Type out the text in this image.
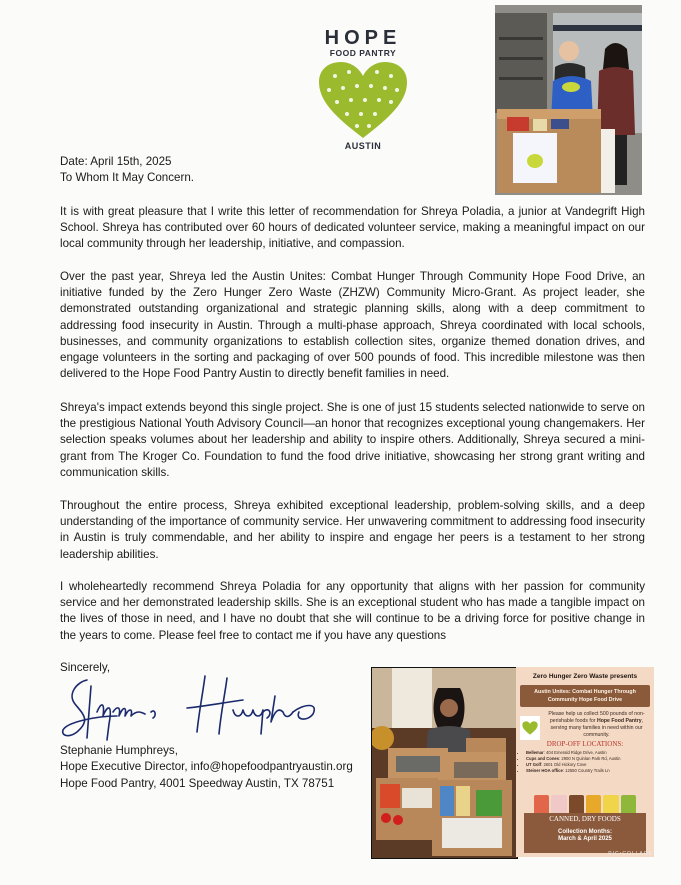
HOPE
FOOD PANTRY
AUSTIN
Date: April 15th, 2025
To Whom It May Concern.
It is with great pleasure that I write this letter of recommendation for Shreya Poladia, a junior at Vandegrift High School. Shreya has contributed over 60 hours of dedicated volunteer service, making a meaningful impact on our local community through her leadership, initiative, and compassion.
Over the past year, Shreya led the Austin Unites: Combat Hunger Through Community Hope Food Drive, an initiative funded by the Zero Hunger Zero Waste (ZHZW) Community Micro-Grant. As project leader, she demonstrated outstanding organizational and strategic planning skills, along with a deep commitment to addressing food insecurity in Austin. Through a multi-phase approach, Shreya coordinated with local schools, businesses, and community organizations to establish collection sites, organize themed donation drives, and engage volunteers in the sorting and packaging of over 500 pounds of food. This incredible milestone was then delivered to the Hope Food Pantry Austin to directly benefit families in need.
Shreya's impact extends beyond this single project. She is one of just 15 students selected nationwide to serve on the prestigious National Youth Advisory Council—an honor that recognizes exceptional young changemakers. Her selection speaks volumes about her leadership and ability to inspire others. Additionally, Shreya secured a mini-grant from The Kroger Co. Foundation to fund the food drive initiative, showcasing her strong grant writing and communication skills.
Throughout the entire process, Shreya exhibited exceptional leadership, problem-solving skills, and a deep understanding of the importance of community service. Her unwavering commitment to addressing food insecurity in Austin is truly commendable, and her ability to inspire and engage her peers is a testament to her strong leadership abilities.
I wholeheartedly recommend Shreya Poladia for any opportunity that aligns with her passion for community service and her demonstrated leadership skills. She is an exceptional student who has made a tangible impact on the lives of those in need, and I have no doubt that she will continue to be a driving force for positive change in the years to come. Please feel free to contact me if you have any questions
Sincerely,
Stephanie Humphreys,
Hope Executive Director, info@hopefoodpantryaustin.org
Hope Food Pantry, 4001 Speedway Austin, TX 78751
Zero Hunger Zero Waste presents
Austin Unites: Combat Hunger Through Community Hope Food Drive
Please help us collect 500 pounds of non-perishable foods for Hope Food Pantry, serving many families in need within our community.
DROP-OFF LOCATIONS:
• Bellemar: 404 Emerald Ridge Drive, Austin
• Cups and Cones: 2900 N Quinlan Park Rd, Austin
• UT Golf: 2601 Old Hickory Cove
• Steiner HOA office: 12550 Country Trails Ln
CANNED, DRY FOODS
Collection Months:
March & April 2025
PIC•COLLAGE
